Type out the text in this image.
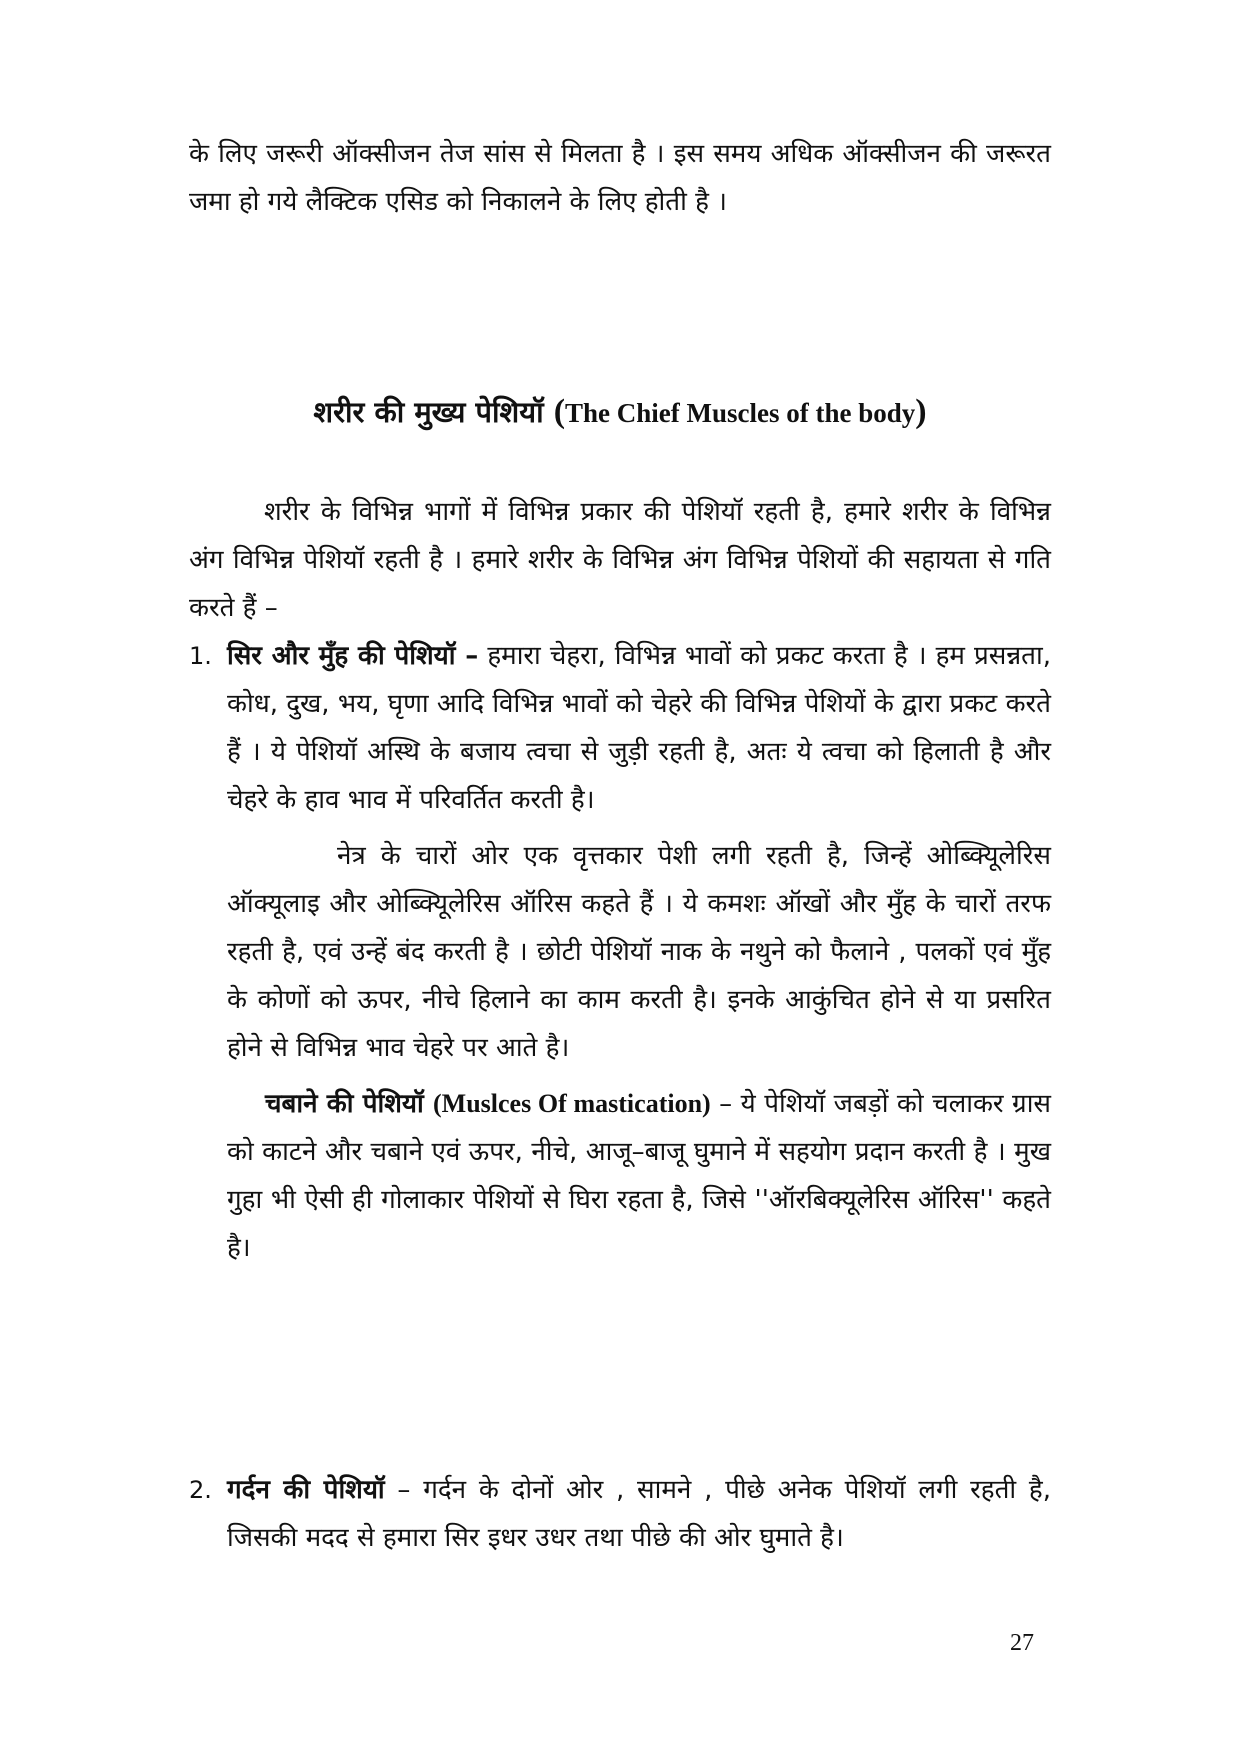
के लिए जरूरी ऑक्सीजन तेज सांस से मिलता है । इस समय अधिक ऑक्सीजन की जरूरत जमा हो गये लैक्टिक एसिड को निकालने के लिए होती है ।

शरीर की मुख्य पेशियॉ (The Chief Muscles of the body)

शरीर के विभिन्न भागों में विभिन्न प्रकार की पेशियॉ रहती है, हमारे शरीर के विभिन्न अंग विभिन्न पेशियॉ रहती है । हमारे शरीर के विभिन्न अंग विभिन्न पेशियों की सहायता से गति करते हैं –

1. सिर और मुँह की पेशियॉ – हमारा चेहरा, विभिन्न भावों को प्रकट करता है । हम प्रसन्नता, कोध, दुख, भय, घृणा आदि विभिन्न भावों को चेहरे की विभिन्न पेशियों के द्वारा प्रकट करते हैं । ये पेशियॉ अस्थि के बजाय त्वचा से जुड़ी रहती है, अतः ये त्वचा को हिलाती है और चेहरे के हाव भाव में परिवर्तित करती है।

नेत्र के चारों ओर एक वृत्तकार पेशी लगी रहती है, जिन्हें ओब्क्यिूलेरिस ऑक्यूलाइ और ओब्क्यिूलेरिस ऑरिस कहते हैं । ये कमशः ऑखों और मुँह के चारों तरफ रहती है, एवं उन्हें बंद करती है । छोटी पेशियॉ नाक के नथुने को फैलाने , पलकों एवं मुँह के कोणों को ऊपर, नीचे हिलाने का काम करती है। इनके आकुंचित होने से या प्रसरित होने से विभिन्न भाव चेहरे पर आते है।

चबाने की पेशियॉ (Muslces Of mastication) – ये पेशियॉ जबड़ों को चलाकर ग्रास को काटने और चबाने एवं ऊपर, नीचे, आजू–बाजू घुमाने में सहयोग प्रदान करती है । मुख गुहा भी ऐसी ही गोलाकार पेशियों से घिरा रहता है, जिसे ''ऑरबिक्यूलेरिस ऑरिस'' कहते है।

2. गर्दन की पेशियॉ – गर्दन के दोनों ओर , सामने , पीछे अनेक पेशियॉ लगी रहती है, जिसकी मदद से हमारा सिर इधर उधर तथा पीछे की ओर घुमाते है।

27
